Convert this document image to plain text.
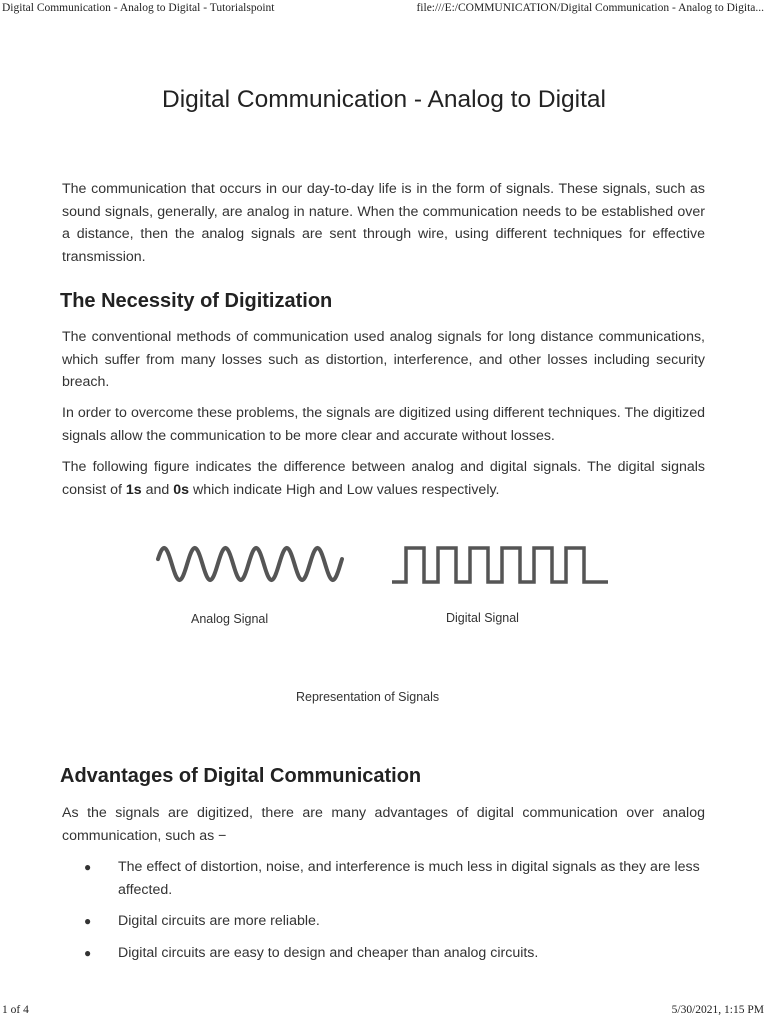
Digital Communication - Analog to Digital - Tutorialspoint	file:///E:/COMMUNICATION/Digital Communication - Analog to Digita...
Digital Communication - Analog to Digital

The communication that occurs in our day-to-day life is in the form of signals. These signals, such as sound signals, generally, are analog in nature. When the communication needs to be established over a distance, then the analog signals are sent through wire, using different techniques for effective transmission.

The Necessity of Digitization

The conventional methods of communication used analog signals for long distance communications, which suffer from many losses such as distortion, interference, and other losses including security breach.

In order to overcome these problems, the signals are digitized using different techniques. The digitized signals allow the communication to be more clear and accurate without losses.

The following figure indicates the difference between analog and digital signals. The digital signals consist of 1s and 0s which indicate High and Low values respectively.

Analog Signal	Digital Signal
Representation of Signals
Advantages of Digital Communication

As the signals are digitized, there are many advantages of digital communication over analog communication, such as −

● The effect of distortion, noise, and interference is much less in digital signals as they are less affected.
● Digital circuits are more reliable.
● Digital circuits are easy to design and cheaper than analog circuits.
1 of 4	5/30/2021, 1:15 PM
